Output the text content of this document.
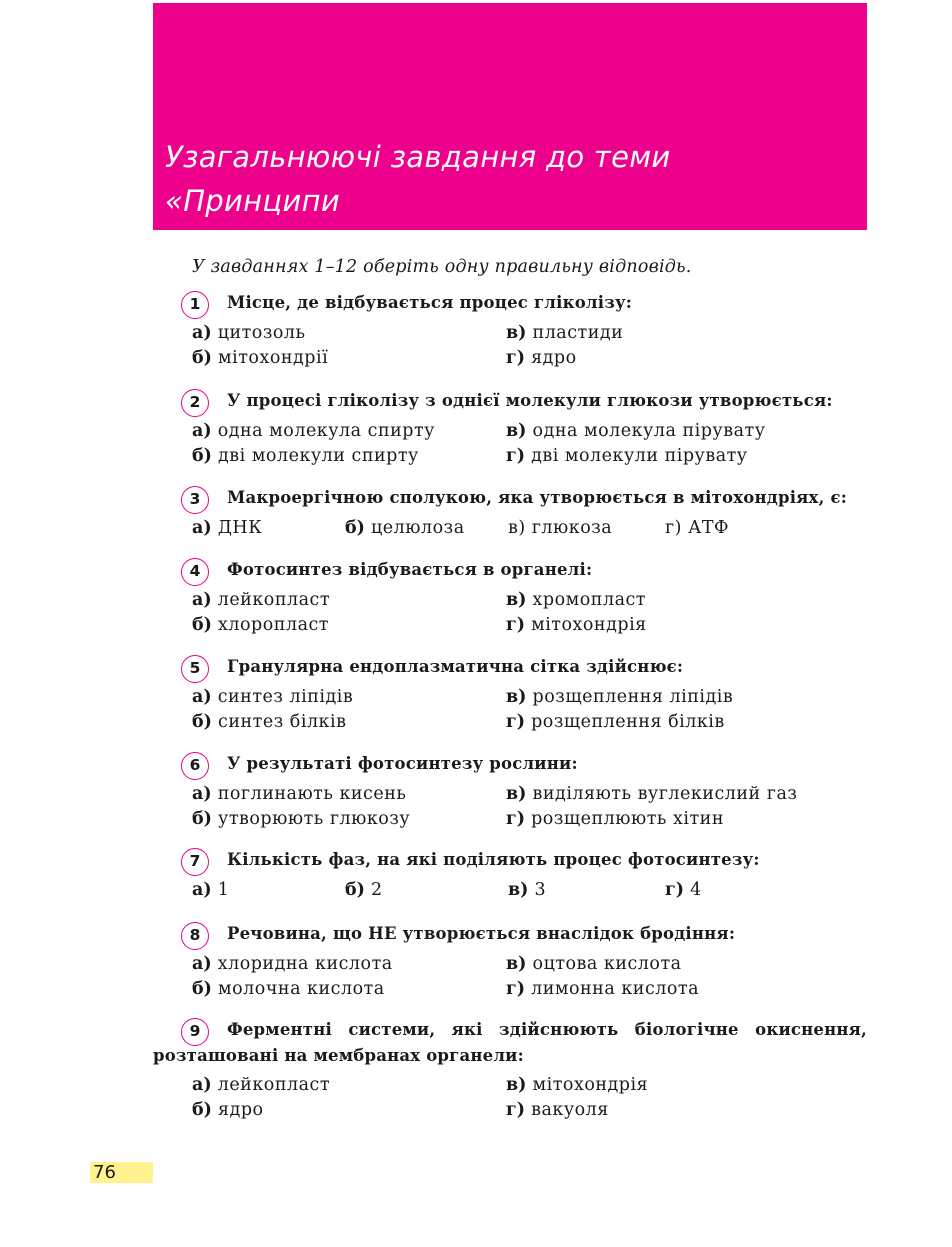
Узагальнюючі завдання до теми «Принципи
функціонування клітини»

У завданнях 1–12 оберіть одну правильну відповідь.

1	Місце, де відбувається процес гліколізу:

а) цитозоль	в) пластиди
б) мітохондрії	г) ядро
2	У процесі гліколізу з однієї молекули глюкози утворюється:

а) одна молекула спирту	в) одна молекула пірувату
б) дві молекули спирту	г) дві молекули пірувату
3	Макроергічною сполукою, яка утворюється в мітохондріях, є:

а) ДНК	б) целюлоза в) глюкоза	г) АТФ
4	Фотосинтез відбувається в органелі:

а) лейкопласт	в) хромопласт
б) хлоропласт	г) мітохондрія
5	Гранулярна ендоплазматична сітка здійснює:

а) синтез ліпідів	в) розщеплення ліпідів
б) синтез білків	г) розщеплення білків
6	У результаті фотосинтезу рослини:

а) поглинають кисень	в) виділяють вуглекислий газ
б) утворюють глюкозу	г) розщеплюють хітин
7	Кількість фаз, на які поділяють процес фотосинтезу:

а) 1	б) 2	в) 3	г) 4
8	Речовина, що НЕ утворюється внаслідок бродіння:

а) хлоридна кислота	в) оцтова кислота
б) молочна кислота	г) лимонна кислота
9	Ферментні системи, які здійснюють біологічне окиснення,

розташовані на мембранах органели:

а) лейкопласт	в) мітохондрія
б) ядро	г) вакуоля
76
